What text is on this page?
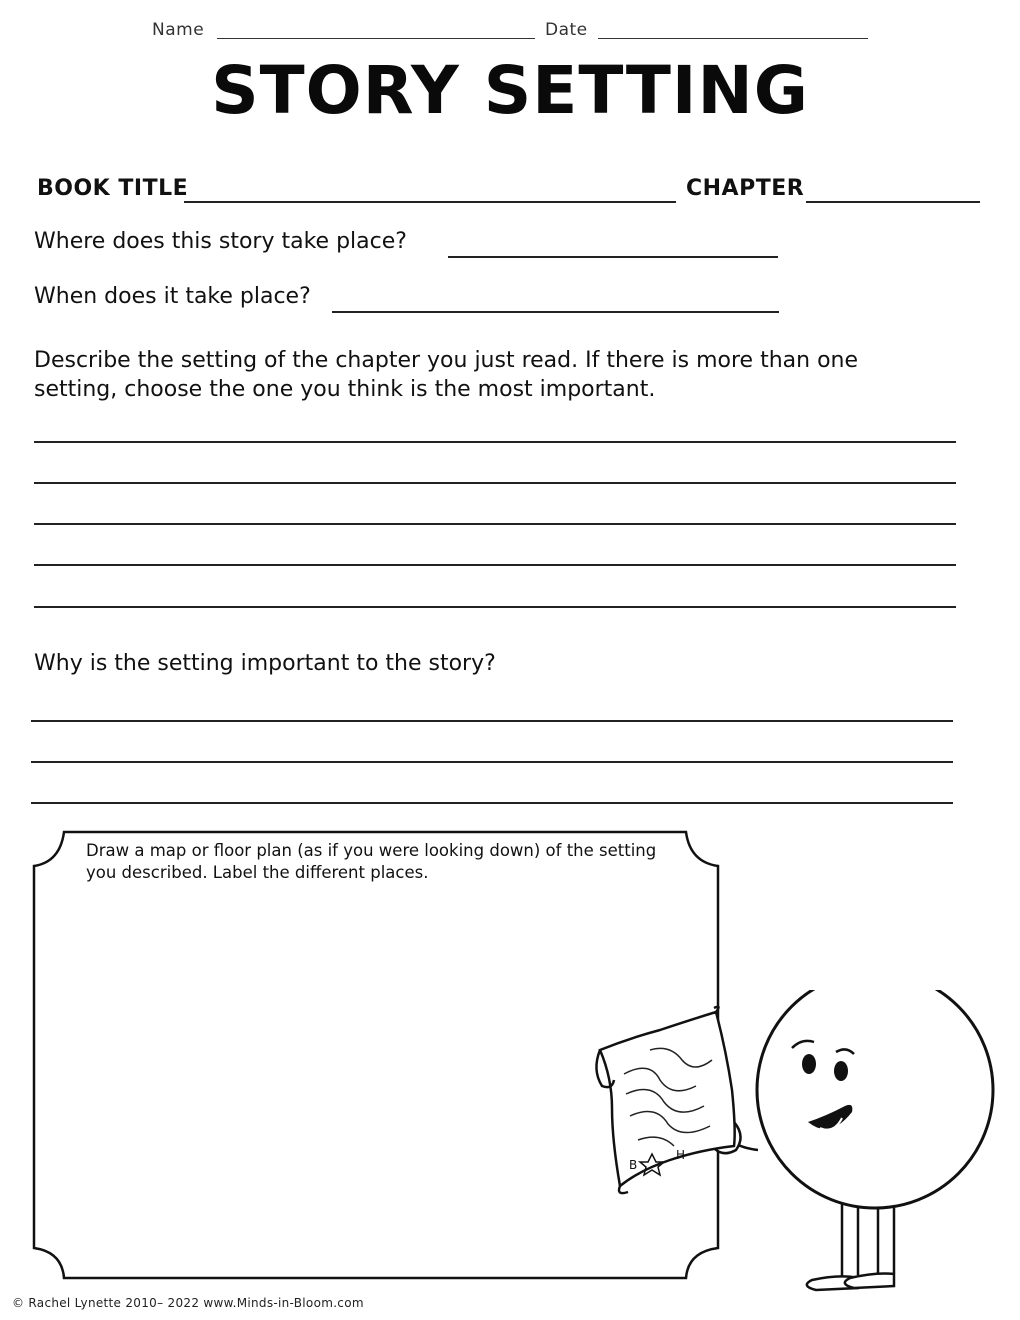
Name	Date
STORY SETTING
BOOK TITLE	CHAPTER
Where does this story take place?
When does it take place?
Describe the setting of the chapter you just read. If there is more than one setting, choose the one you think is the most important.
Why is the setting important to the story?
Draw a map or floor plan (as if you were looking down) of the setting you described. Label the different places.
B
H
© Rachel Lynette 2010– 2022 www.Minds-in-Bloom.com
